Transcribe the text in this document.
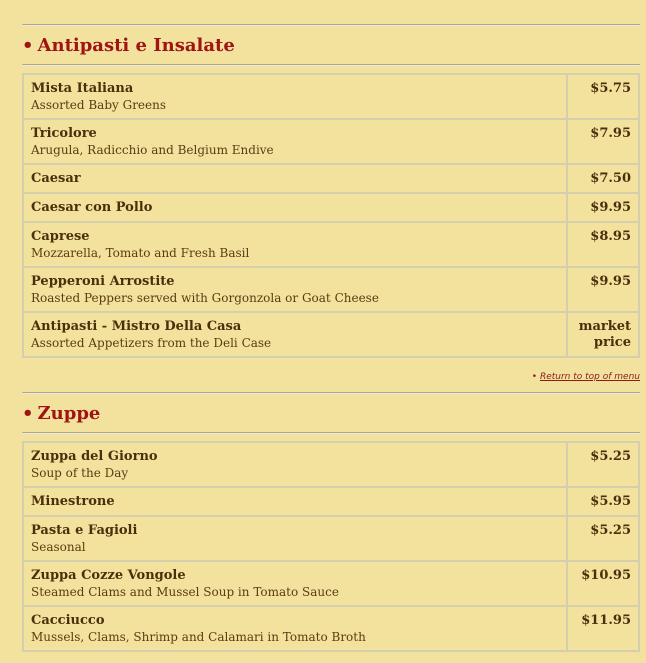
• Antipasti e Insalate
Mista Italiana
Assorted Baby Greens	$5.75

Tricolore
Arugula, Radicchio and Belgium Endive	$7.95

Caesar	$7.50

Caesar con Pollo	$9.95

Caprese
Mozzarella, Tomato and Fresh Basil	$8.95

Pepperoni Arrostite
Roasted Peppers served with Gorgonzola or Goat Cheese	$9.95

Antipasti - Mistro Della Casa
Assorted Appetizers from the Deli Case	market price
• Return to top of menu
• Zuppe
Zuppa del Giorno
Soup of the Day	$5.25

Minestrone	$5.95

Pasta e Fagioli
Seasonal	$5.25

Zuppa Cozze Vongole
Steamed Clams and Mussel Soup in Tomato Sauce	$10.95

Cacciucco
Mussels, Clams, Shrimp and Calamari in Tomato Broth	$11.95
